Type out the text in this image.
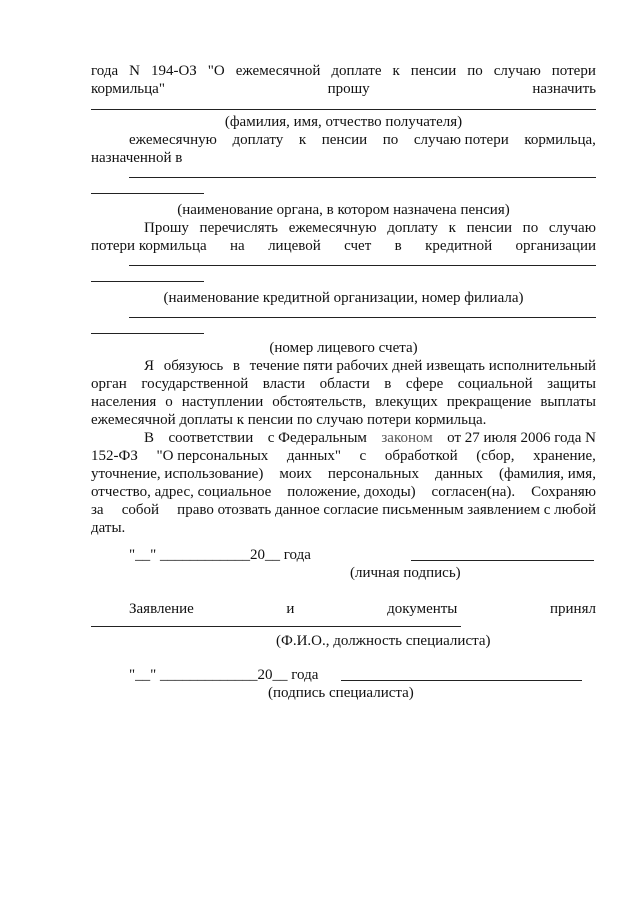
года N 194-ОЗ "О ежемесячной доплате к пенсии по случаю потери
кормильца"	прошу	назначить
(фамилия, имя, отчество получателя)
ежемесячную доплату к пенсии по случаю потери кормильца,
назначенной в
(наименование органа, в котором назначена пенсия)
Прошу перечислять ежемесячную доплату к пенсии по случаю
потери кормильца на лицевой счет в кредитной организации
(наименование кредитной организации, номер филиала)
(номер лицевого счета)
Я обязуюсь в течение пяти рабочих дней извещать исполнительный
орган государственной власти области в сфере социальной защиты
населения о наступлении обстоятельств, влекущих прекращение выплаты
ежемесячной доплаты к пенсии по случаю потери кормильца.
В соответствии с Федеральным законом от 27 июля 2006 года N
152-ФЗ "О персональных данных" с обработкой (сбор, хранение,
уточнение, использование) моих персональных данных (фамилия, имя,
отчество, адрес, социальное положение, доходы) согласен(на). Сохраняю
за собой право отозвать данное согласие письменным заявлением с любой
даты.
"__" ____________20__ года
(личная подпись)
Заявление	и	документы	принял
(Ф.И.О., должность специалиста)
"__" _____________20__ года
(подпись специалиста)
